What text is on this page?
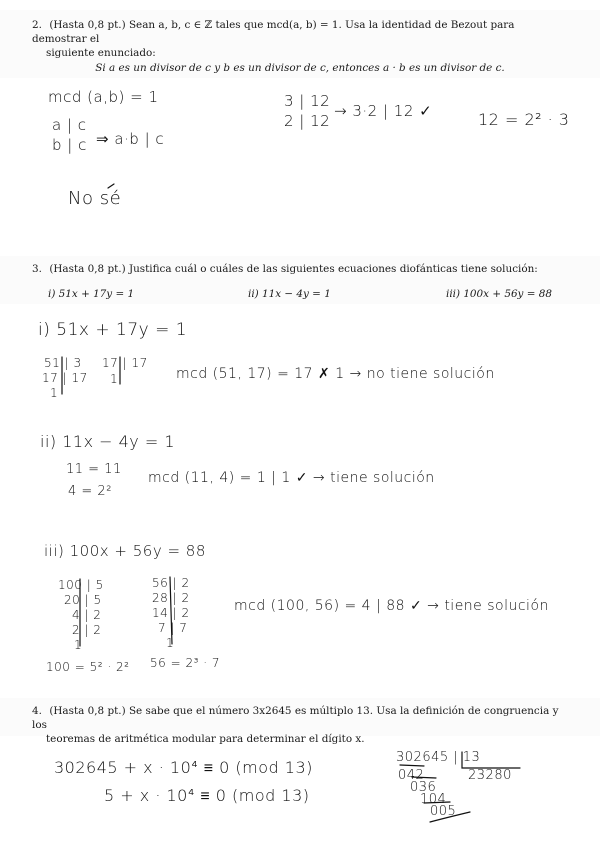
2. (Hasta 0,8 pt.) Sean a, b, c ∈ ℤ tales que mcd(a, b) = 1. Usa la identidad de Bezout para demostrar el
siguiente enunciado:
Si a es un divisor de c y b es un divisor de c, entonces a · b es un divisor de c.
mcd (a,b) = 1
a | c
b | c ⇒ a·b | c
3 | 12
2 | 12
→ 3·2 | 12 ✓	12 = 2² · 3
No sé
3. (Hasta 0,8 pt.) Justifica cuál o cuáles de las siguientes ecuaciones diofánticas tiene solución:
i) 51x + 17y = 1	ii) 11x − 4y = 1	iii) 100x + 56y = 88
i) 51x + 17y = 1
51 | 3
17 | 17
1
17 | 17
1	mcd (51, 17) = 17 ✗ 1 → no tiene solución
ii) 11x − 4y = 1
11 = 11
4 = 2²
mcd (11, 4) = 1 | 1 ✓ → tiene solución
iii) 100x + 56y = 88
100 | 5
20 | 5
4 | 2
2 | 2
1
56 | 2
28 | 2
14 | 2
7 | 7
1
mcd (100, 56) = 4 | 88 ✓ → tiene solución
100 = 5² · 2² 56 = 2³ · 7
4. (Hasta 0,8 pt.) Se sabe que el número 3x2645 es múltiplo 13. Usa la definición de congruencia y los
teoremas de aritmética modular para determinar el dígito x.
302645 + x · 10⁴ ≡ 0 (mod 13)
5 + x · 10⁴ ≡ 0 (mod 13)
302645 | 13
23280
042
036
104
005
